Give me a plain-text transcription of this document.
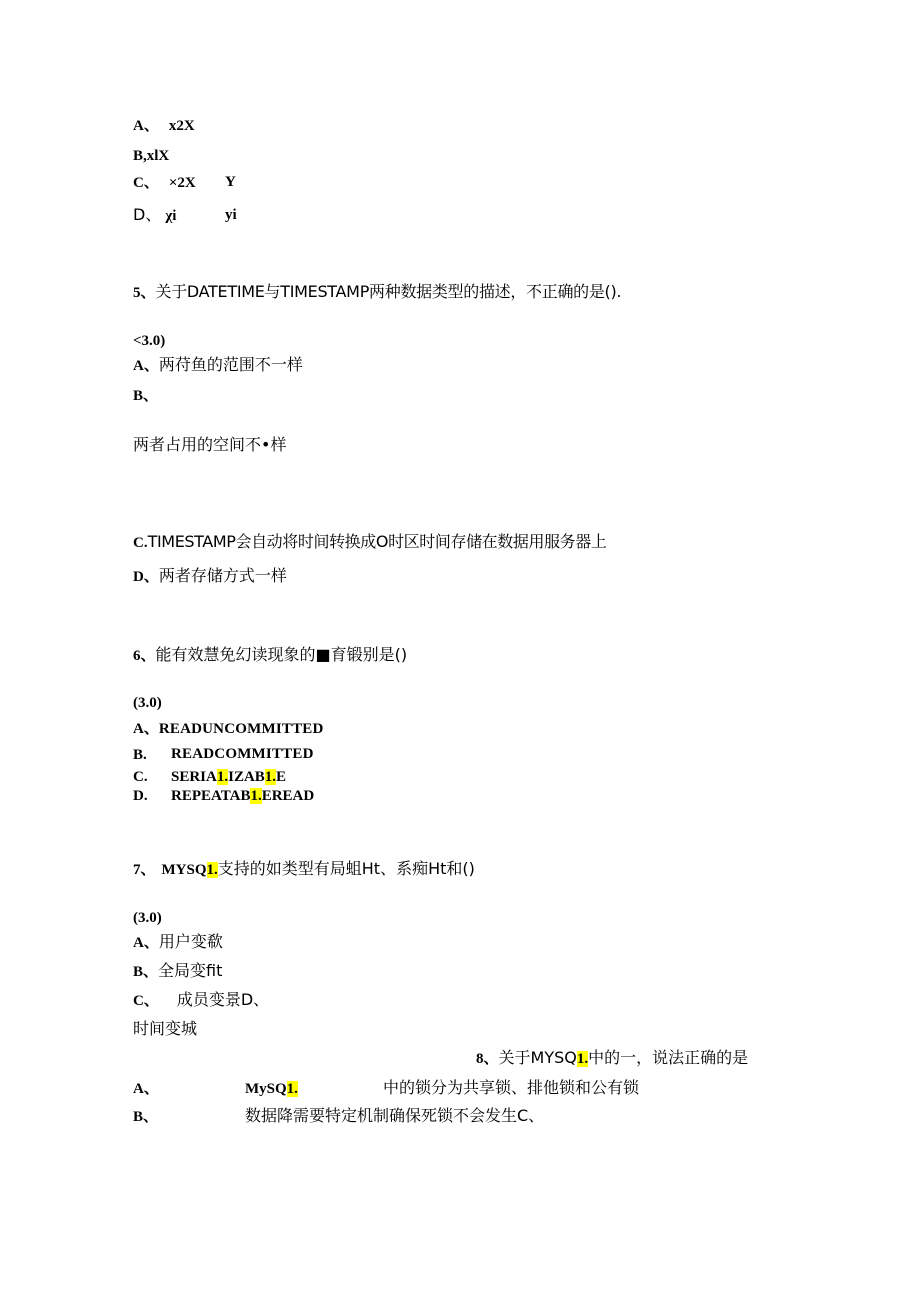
A、 x2X
B,xlX
C、 ×2X Y
D、 χi	yi
5、关于DATETIME与TIMESTAMP两种数据类型的描述，不正确的是().
<3.0)
A、两苻鱼的范围不一样
B、
两者占用的空间不•样
C.TIMESTAMP会自动将时间转换成O时区时间存储在数据用服务器上
D、两者存储方式一样
6、能有效慧免幻读现象的■育锻别是()
(3.0)
A、READUNCOMMITTED
B. READCOMMITTED
C. SERIA1.IZAB1.E
D. REPEATAB1.EREAD
7、 MYSQ1.支持的如类型有局蛆Ht、系痴Ht和()
(3.0)
A、用户变欷
B、全局变fit
C、 成员变景D、
时间变城
8、关于MYSQ1.中的一，说法正确的是
A、	MySQ1.	中的锁分为共享锁、排他锁和公有锁
B、	数据降需要特定机制确保死锁不会发生C、
